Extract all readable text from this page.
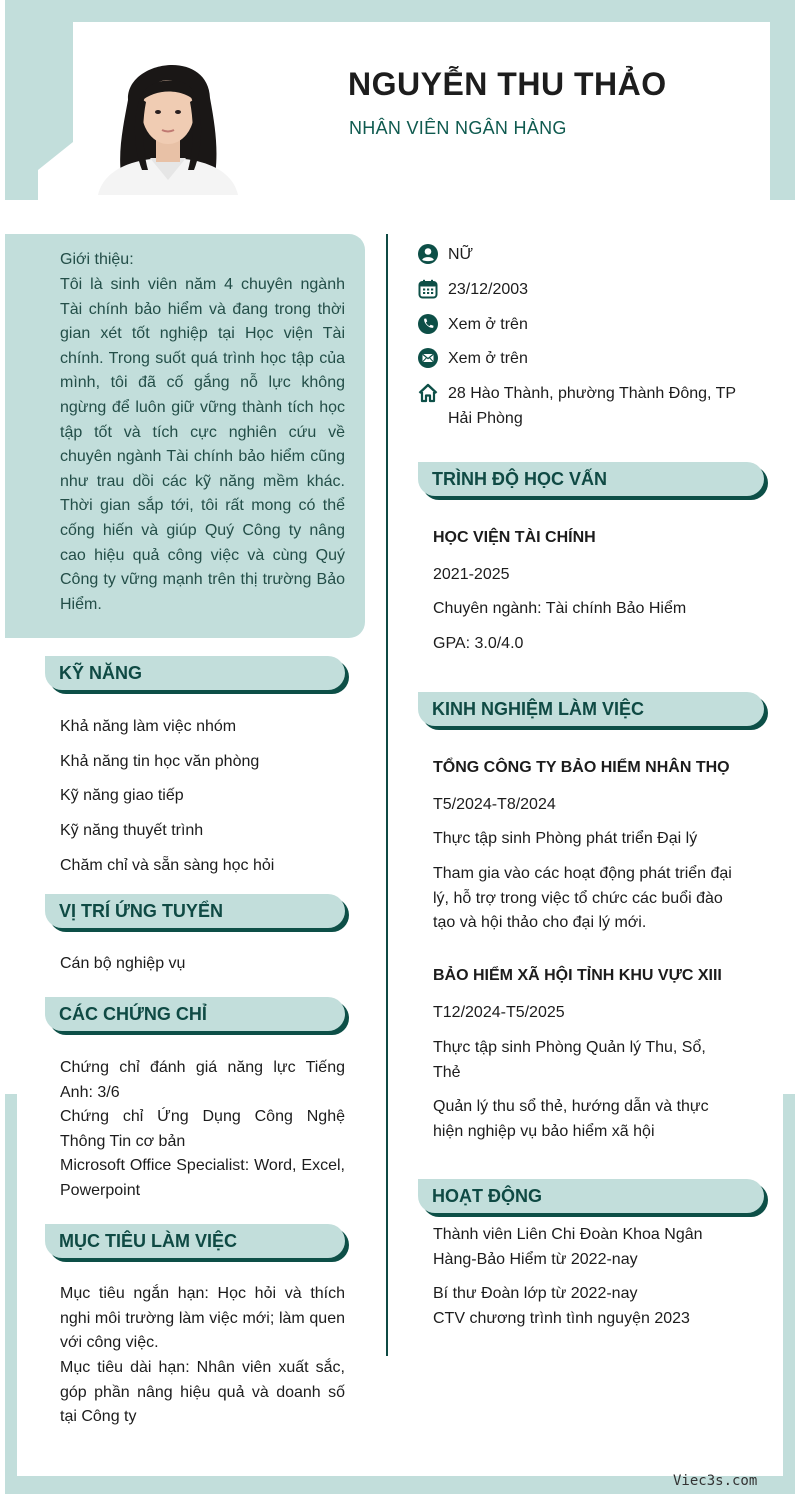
NGUYỄN THU THẢO
NHÂN VIÊN NGÂN HÀNG
Giới thiệu:
Tôi là sinh viên năm 4 chuyên ngành Tài chính bảo hiểm và đang trong thời gian xét tốt nghiệp tại Học viện Tài chính. Trong suốt quá trình học tập của mình, tôi đã cố gắng nỗ lực không ngừng để luôn giữ vững thành tích học tập tốt và tích cực nghiên cứu về chuyên ngành Tài chính bảo hiểm cũng như trau dồi các kỹ năng mềm khác. Thời gian sắp tới, tôi rất mong có thể cống hiến và giúp Quý Công ty nâng cao hiệu quả công việc và cùng Quý Công ty vững mạnh trên thị trường Bảo Hiểm.
NỮ
23/12/2003
Xem ở trên
Xem ở trên
28 Hào Thành, phường Thành Đông, TP Hải Phòng
KỸ NĂNG
Khả năng làm việc nhóm
Khả năng tin học văn phòng
Kỹ năng giao tiếp
Kỹ năng thuyết trình
Chăm chỉ và sẵn sàng học hỏi
VỊ TRÍ ỨNG TUYỂN
Cán bộ nghiệp vụ
CÁC CHỨNG CHỈ
Chứng chỉ đánh giá năng lực Tiếng Anh: 3/6
Chứng chỉ Ứng Dụng Công Nghệ Thông Tin cơ bản
Microsoft Office Specialist: Word, Excel, Powerpoint
MỤC TIÊU LÀM VIỆC
Mục tiêu ngắn hạn: Học hỏi và thích nghi môi trường làm việc mới; làm quen với công việc.
Mục tiêu dài hạn: Nhân viên xuất sắc, góp phần nâng hiệu quả và doanh số tại Công ty
TRÌNH ĐỘ HỌC VẤN
HỌC VIỆN TÀI CHÍNH
2021-2025
Chuyên ngành: Tài chính Bảo Hiểm
GPA: 3.0/4.0
KINH NGHIỆM LÀM VIỆC
TỔNG CÔNG TY BẢO HIỂM NHÂN THỌ
T5/2024-T8/2024
Thực tập sinh Phòng phát triển Đại lý
Tham gia vào các hoạt động phát triển đại lý, hỗ trợ trong việc tổ chức các buổi đào tạo và hội thảo cho đại lý mới.
BẢO HIỂM XÃ HỘI TỈNH KHU VỰC XIII
T12/2024-T5/2025
Thực tập sinh Phòng Quản lý Thu, Sổ, Thẻ
Quản lý thu sổ thẻ, hướng dẫn và thực hiện nghiệp vụ bảo hiểm xã hội
HOẠT ĐỘNG
Thành viên Liên Chi Đoàn Khoa Ngân Hàng-Bảo Hiểm từ 2022-nay
Bí thư Đoàn lớp từ 2022-nay
CTV chương trình tình nguyện 2023
Viec3s.com
